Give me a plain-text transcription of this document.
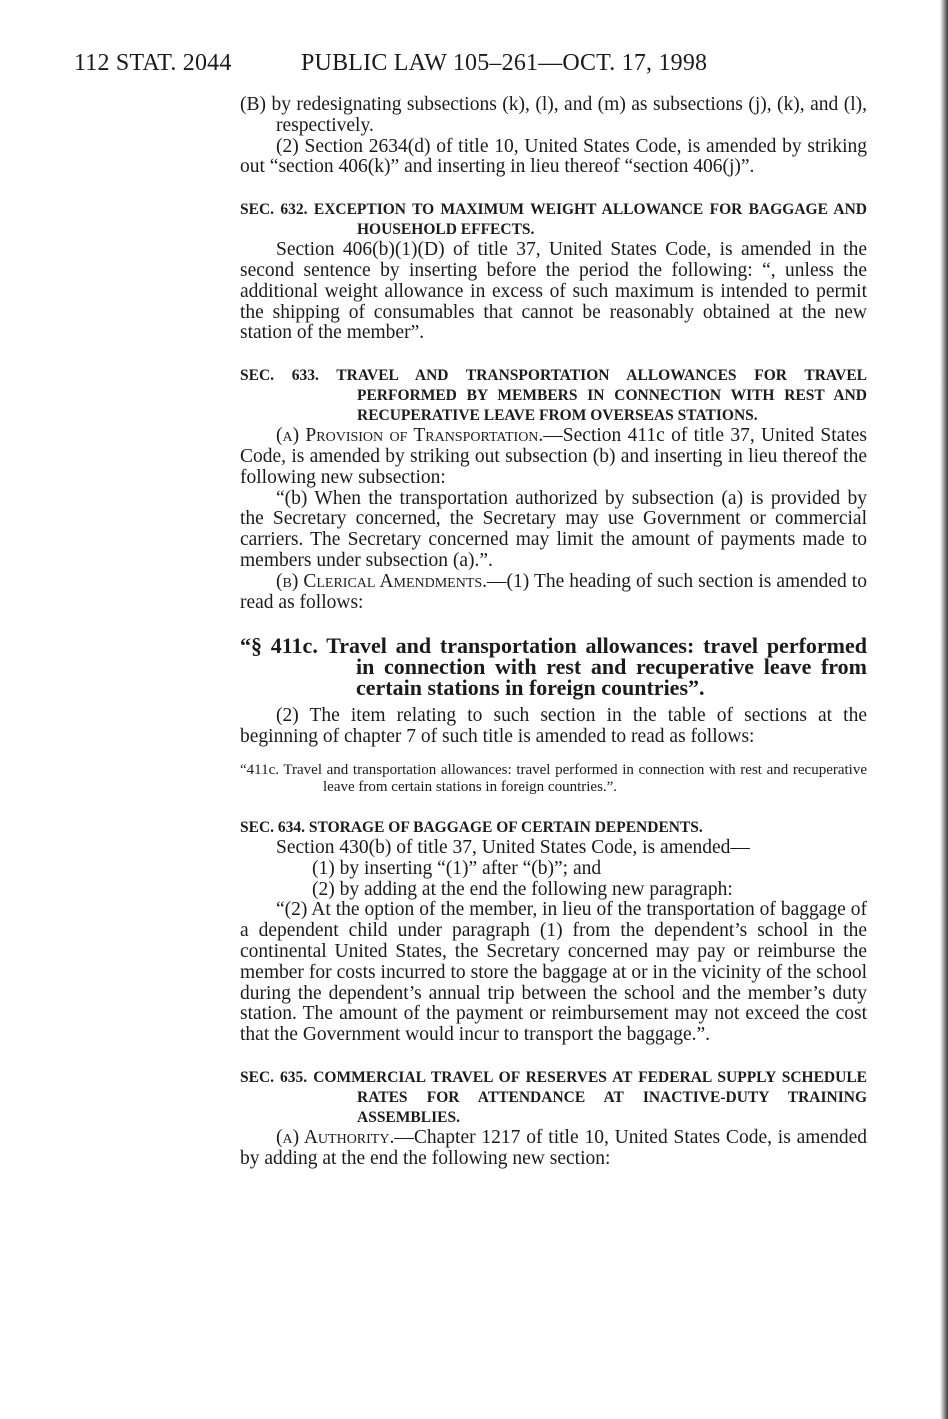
112 STAT. 2044	PUBLIC LAW 105–261—OCT. 17, 1998

(B) by redesignating subsections (k), (l), and (m) as subsections (j), (k), and (l), respectively.

(2) Section 2634(d) of title 10, United States Code, is amended by striking out “section 406(k)” and inserting in lieu thereof “section 406(j)”.

SEC. 632. EXCEPTION TO MAXIMUM WEIGHT ALLOWANCE FOR BAGGAGE AND HOUSEHOLD EFFECTS.

Section 406(b)(1)(D) of title 37, United States Code, is amended in the second sentence by inserting before the period the following: “, unless the additional weight allowance in excess of such maximum is intended to permit the shipping of consumables that cannot be reasonably obtained at the new station of the member”.

SEC. 633. TRAVEL AND TRANSPORTATION ALLOWANCES FOR TRAVEL PERFORMED BY MEMBERS IN CONNECTION WITH REST AND RECUPERATIVE LEAVE FROM OVERSEAS STATIONS.

(a) Provision of Transportation.—Section 411c of title 37, United States Code, is amended by striking out subsection (b) and inserting in lieu thereof the following new subsection:

“(b) When the transportation authorized by subsection (a) is provided by the Secretary concerned, the Secretary may use Government or commercial carriers. The Secretary concerned may limit the amount of payments made to members under subsection (a).”.

(b) Clerical Amendments.—(1) The heading of such section is amended to read as follows:

“§ 411c. Travel and transportation allowances: travel performed in connection with rest and recuperative leave from certain stations in foreign countries”.

(2) The item relating to such section in the table of sections at the beginning of chapter 7 of such title is amended to read as follows:

“411c. Travel and transportation allowances: travel performed in connection with rest and recuperative leave from certain stations in foreign countries.”.

SEC. 634. STORAGE OF BAGGAGE OF CERTAIN DEPENDENTS.

Section 430(b) of title 37, United States Code, is amended—

(1) by inserting “(1)” after “(b)”; and

(2) by adding at the end the following new paragraph:

“(2) At the option of the member, in lieu of the transportation of baggage of a dependent child under paragraph (1) from the dependent’s school in the continental United States, the Secretary concerned may pay or reimburse the member for costs incurred to store the baggage at or in the vicinity of the school during the dependent’s annual trip between the school and the member’s duty station. The amount of the payment or reimbursement may not exceed the cost that the Government would incur to transport the baggage.”.

SEC. 635. COMMERCIAL TRAVEL OF RESERVES AT FEDERAL SUPPLY SCHEDULE RATES FOR ATTENDANCE AT INACTIVE-DUTY TRAINING ASSEMBLIES.

(a) Authority.—Chapter 1217 of title 10, United States Code, is amended by adding at the end the following new section:
